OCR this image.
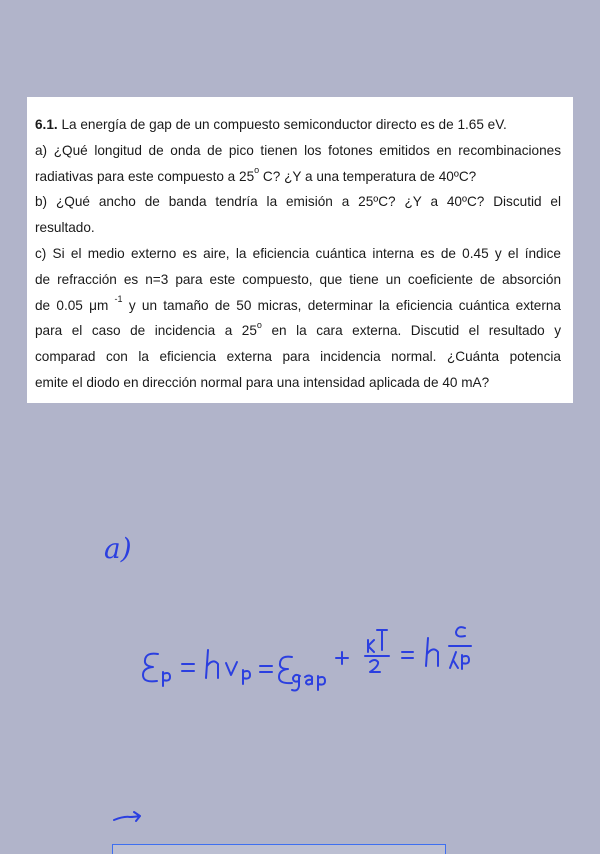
6.1. La energía de gap de un compuesto semiconductor directo es de 1.65 eV.

a) ¿Qué longitud de onda de pico tienen los fotones emitidos en recombinaciones

radiativas para este compuesto a 25$^o$ C? ¿Y a una temperatura de 40ºC?

b) ¿Qué ancho de banda tendría la emisión a 25ºC? ¿Y a 40ºC? Discutid el

resultado.

c) Si el medio externo es aire, la eficiencia cuántica interna es de 0.45 y el índice

de refracción es n=3 para este compuesto, que tiene un coeficiente de absorción

de 0.05 μm $^{-1}$ y un tamaño de 50 micras, determinar la eficiencia cuántica externa

para el caso de incidencia a 25$^o$ en la cara externa. Discutid el resultado y

comparad con la eficiencia externa para incidencia normal. ¿Cuánta potencia

emite el diodo en dirección normal para una intensidad aplicada de 40 mA?

a)
